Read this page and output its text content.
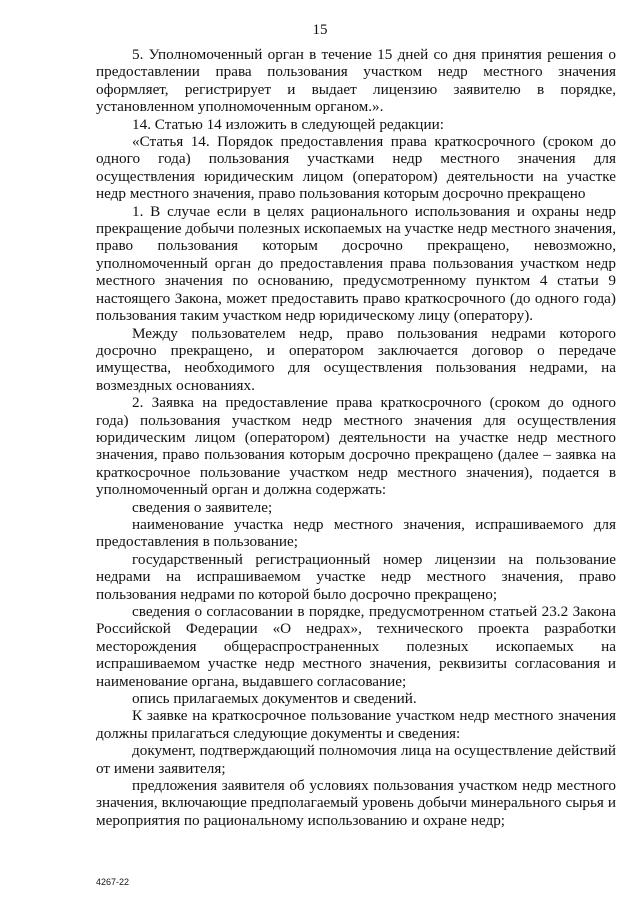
15

5. Уполномоченный орган в течение 15 дней со дня принятия решения о предоставлении права пользования участком недр местного значения оформляет, регистрирует и выдает лицензию заявителю в порядке, установленном уполномоченным органом.».

14. Статью 14 изложить в следующей редакции:

«Статья 14. Порядок предоставления права краткосрочного (сроком до одного года) пользования участками недр местного значения для осуществления юридическим лицом (оператором) деятельности на участке недр местного значения, право пользования которым досрочно прекращено

1. В случае если в целях рационального использования и охраны недр прекращение добычи полезных ископаемых на участке недр местного значения, право пользования которым досрочно прекращено, невозможно, уполномоченный орган до предоставления права пользования участком недр местного значения по основанию, предусмотренному пунктом 4 статьи 9 настоящего Закона, может предоставить право краткосрочного (до одного года) пользования таким участком недр юридическому лицу (оператору).

Между пользователем недр, право пользования недрами которого досрочно прекращено, и оператором заключается договор о передаче имущества, необходимого для осуществления пользования недрами, на возмездных основаниях.

2. Заявка на предоставление права краткосрочного (сроком до одного года) пользования участком недр местного значения для осуществления юридическим лицом (оператором) деятельности на участке недр местного значения, право пользования которым досрочно прекращено (далее – заявка на краткосрочное пользование участком недр местного значения), подается в уполномоченный орган и должна содержать:

сведения о заявителе;

наименование участка недр местного значения, испрашиваемого для предоставления в пользование;

государственный регистрационный номер лицензии на пользование недрами на испрашиваемом участке недр местного значения, право пользования недрами по которой было досрочно прекращено;

сведения о согласовании в порядке, предусмотренном статьей 23.2 Закона Российской Федерации «О недрах», технического проекта разработки месторождения общераспространенных полезных ископаемых на испрашиваемом участке недр местного значения, реквизиты согласования и наименование органа, выдавшего согласование;

опись прилагаемых документов и сведений.

К заявке на краткосрочное пользование участком недр местного значения должны прилагаться следующие документы и сведения:

документ, подтверждающий полномочия лица на осуществление действий от имени заявителя;

предложения заявителя об условиях пользования участком недр местного значения, включающие предполагаемый уровень добычи минерального сырья и мероприятия по рациональному использованию и охране недр;

4267-22
